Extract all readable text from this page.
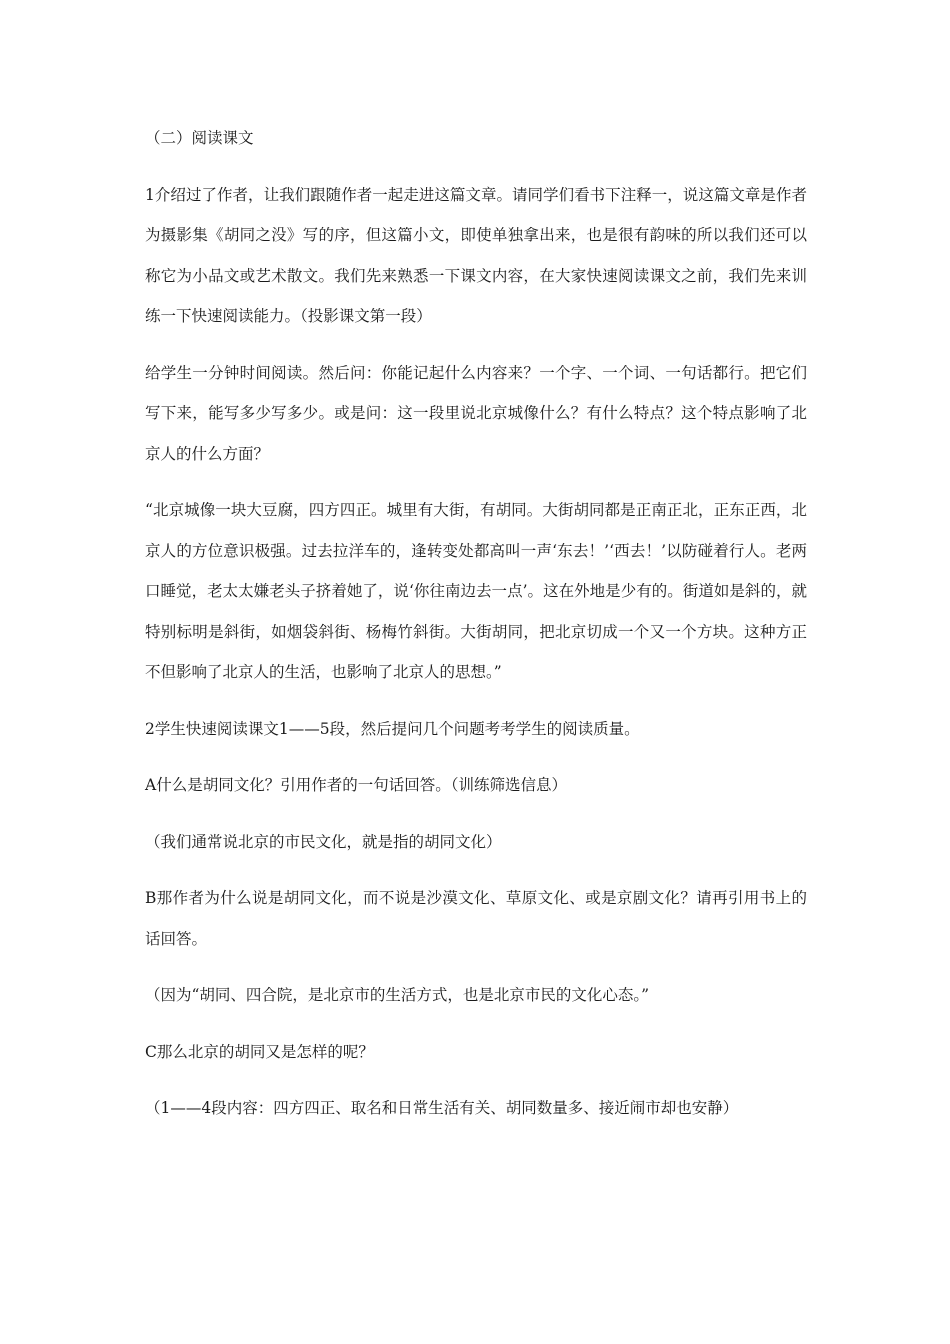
（二）阅读课文

1介绍过了作者，让我们跟随作者一起走进这篇文章。请同学们看书下注释一，说这篇文章是作者为摄影集《胡同之没》写的序，但这篇小文，即使单独拿出来，也是很有韵味的所以我们还可以称它为小品文或艺术散文。我们先来熟悉一下课文内容，在大家快速阅读课文之前，我们先来训练一下快速阅读能力。（投影课文第一段）

给学生一分钟时间阅读。然后问：你能记起什么内容来？一个字、一个词、一句话都行。把它们写下来，能写多少写多少。或是问：这一段里说北京城像什么？有什么特点？这个特点影响了北京人的什么方面？

“北京城像一块大豆腐，四方四正。城里有大街，有胡同。大街胡同都是正南正北，正东正西，北京人的方位意识极强。过去拉洋车的，逢转变处都高叫一声‘东去！’‘西去！’以防碰着行人。老两口睡觉，老太太嫌老头子挤着她了，说‘你往南边去一点’。这在外地是少有的。街道如是斜的，就特别标明是斜街，如烟袋斜街、杨梅竹斜街。大街胡同，把北京切成一个又一个方块。这种方正不但影响了北京人的生活，也影响了北京人的思想。”

2学生快速阅读课文1——5段，然后提问几个问题考考学生的阅读质量。

A什么是胡同文化？引用作者的一句话回答。（训练筛选信息）

（我们通常说北京的市民文化，就是指的胡同文化）

B那作者为什么说是胡同文化，而不说是沙漠文化、草原文化、或是京剧文化？请再引用书上的话回答。

（因为“胡同、四合院，是北京市的生活方式，也是北京市民的文化心态。”

C那么北京的胡同又是怎样的呢？

（1——4段内容：四方四正、取名和日常生活有关、胡同数量多、接近闹市却也安静）
